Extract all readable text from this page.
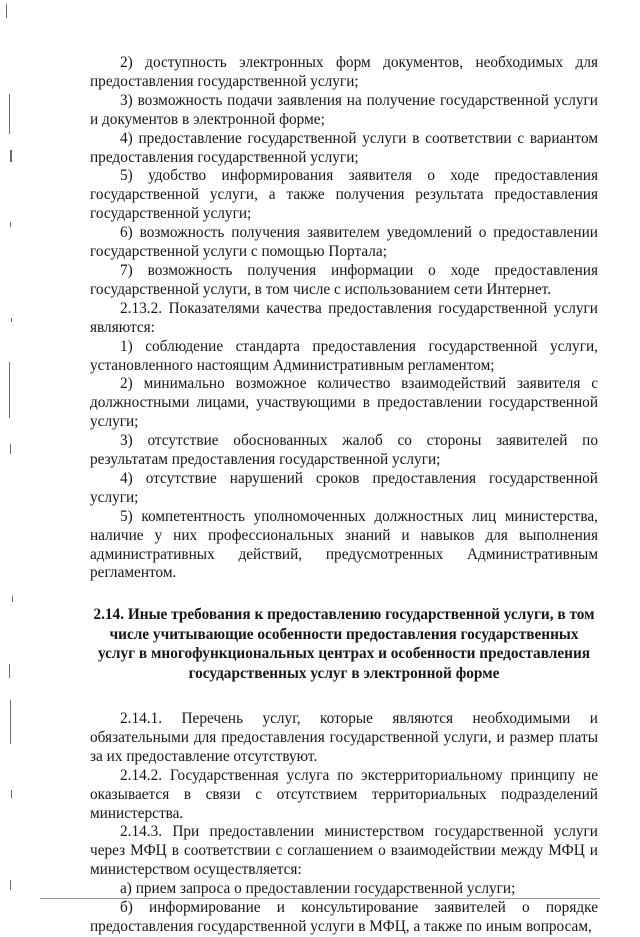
2) доступность электронных форм документов, необходимых для предоставления государственной услуги;

3) возможность подачи заявления на получение государственной услуги и документов в электронной форме;

4) предоставление государственной услуги в соответствии с вариантом предоставления государственной услуги;

5) удобство информирования заявителя о ходе предоставления государственной услуги, а также получения результата предоставления государственной услуги;

6) возможность получения заявителем уведомлений о предоставлении государственной услуги с помощью Портала;

7) возможность получения информации о ходе предоставления государственной услуги, в том числе с использованием сети Интернет.

2.13.2. Показателями качества предоставления государственной услуги являются:

1) соблюдение стандарта предоставления государственной услуги, установленного настоящим Административным регламентом;

2) минимально возможное количество взаимодействий заявителя с должностными лицами, участвующими в предоставлении государственной услуги;

3) отсутствие обоснованных жалоб со стороны заявителей по результатам предоставления государственной услуги;

4) отсутствие нарушений сроков предоставления государственной услуги;

5) компетентность уполномоченных должностных лиц министерства, наличие у них профессиональных знаний и навыков для выполнения административных действий, предусмотренных Административным регламентом.

2.14. Иные требования к предоставлению государственной услуги, в том числе учитывающие особенности предоставления государственных услуг в многофункциональных центрах и особенности предоставления государственных услуг в электронной форме

2.14.1. Перечень услуг, которые являются необходимыми и обязательными для предоставления государственной услуги, и размер платы за их предоставление отсутствуют.

2.14.2. Государственная услуга по экстерриториальному принципу не оказывается в связи с отсутствием территориальных подразделений министерства.

2.14.3. При предоставлении министерством государственной услуги через МФЦ в соответствии с соглашением о взаимодействии между МФЦ и министерством осуществляется:

а) прием запроса о предоставлении государственной услуги;

б) информирование и консультирование заявителей о порядке предоставления государственной услуги в МФЦ, а также по иным вопросам,
